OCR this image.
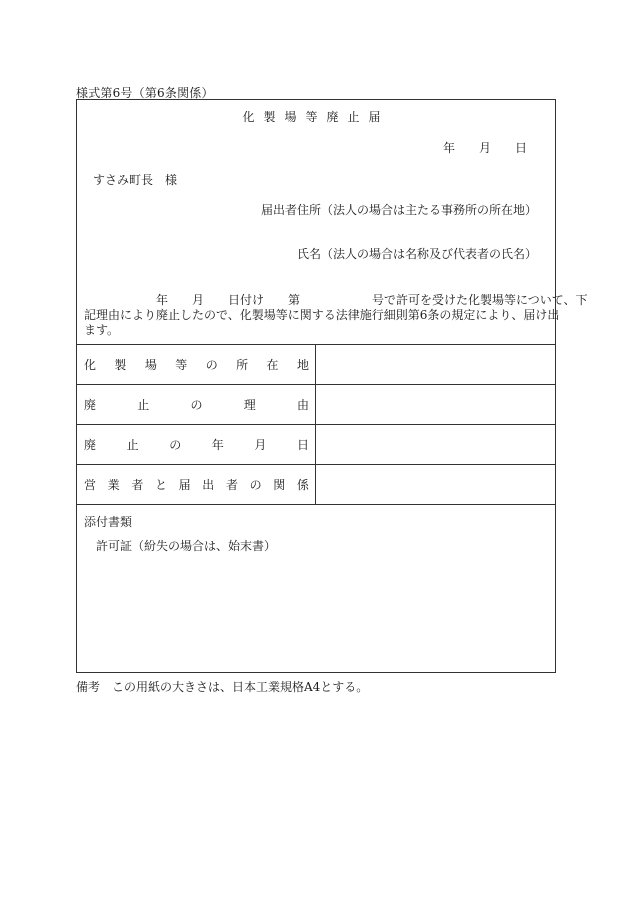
様式第6号（第6条関係）
化製場等廃止届
年　　月　　日
すさみ町長　様
届出者住所（法人の場合は主たる事務所の所在地）
氏名（法人の場合は名称及び代表者の氏名）

　　　　　　年　　月　　日付け　　第　　　　　　号で許可を受けた化製場等について、下

記理由により廃止したので、化製場等に関する法律施行細則第6条の規定により、届け出

ます。

化 製 場 等 の 所 在 地
廃	止	の	理	由
廃	止	の	年	月	日
営 業 者 と 届 出 者 の 関 係
添付書類
許可証（紛失の場合は、始末書）
備考　この用紙の大きさは、日本工業規格A4とする。
